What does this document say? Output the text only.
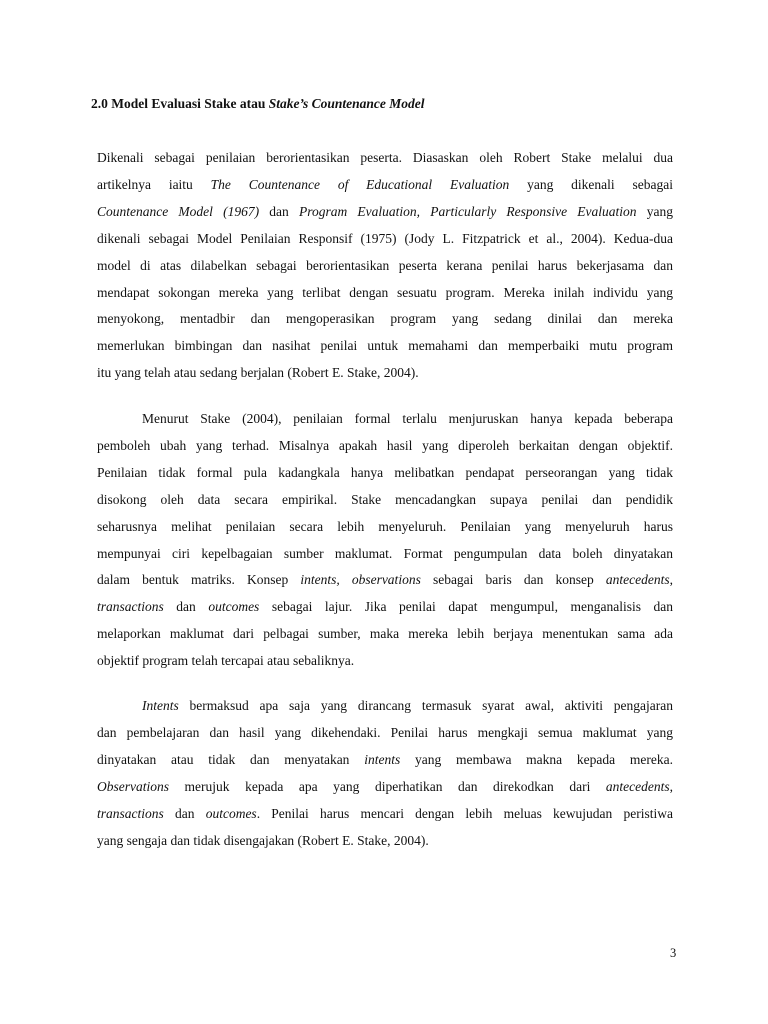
2.0 Model Evaluasi Stake atau Stake’s Countenance Model
Dikenali sebagai penilaian berorientasikan peserta. Diasaskan oleh Robert Stake melalui dua
artikelnya iaitu The Countenance of Educational Evaluation yang dikenali sebagai
Countenance Model (1967) dan Program Evaluation, Particularly Responsive Evaluation yang
dikenali sebagai Model Penilaian Responsif (1975) (Jody L. Fitzpatrick et al., 2004). Kedua-dua
model di atas dilabelkan sebagai berorientasikan peserta kerana penilai harus bekerjasama dan
mendapat sokongan mereka yang terlibat dengan sesuatu program. Mereka inilah individu yang
menyokong, mentadbir dan mengoperasikan program yang sedang dinilai dan mereka
memerlukan bimbingan dan nasihat penilai untuk memahami dan memperbaiki mutu program
itu yang telah atau sedang berjalan (Robert E. Stake, 2004).
Menurut Stake (2004), penilaian formal terlalu menjuruskan hanya kepada beberapa
pemboleh ubah yang terhad. Misalnya apakah hasil yang diperoleh berkaitan dengan objektif.
Penilaian tidak formal pula kadangkala hanya melibatkan pendapat perseorangan yang tidak
disokong oleh data secara empirikal. Stake mencadangkan supaya penilai dan pendidik
seharusnya melihat penilaian secara lebih menyeluruh. Penilaian yang menyeluruh harus
mempunyai ciri kepelbagaian sumber maklumat. Format pengumpulan data boleh dinyatakan
dalam bentuk matriks. Konsep intents, observations sebagai baris dan konsep antecedents,
transactions dan outcomes sebagai lajur. Jika penilai dapat mengumpul, menganalisis dan
melaporkan maklumat dari pelbagai sumber, maka mereka lebih berjaya menentukan sama ada
objektif program telah tercapai atau sebaliknya.
Intents bermaksud apa saja yang dirancang termasuk syarat awal, aktiviti pengajaran
dan pembelajaran dan hasil yang dikehendaki. Penilai harus mengkaji semua maklumat yang
dinyatakan atau tidak dan menyatakan intents yang membawa makna kepada mereka.
Observations merujuk kepada apa yang diperhatikan dan direkodkan dari antecedents,
transactions dan outcomes. Penilai harus mencari dengan lebih meluas kewujudan peristiwa
yang sengaja dan tidak disengajakan (Robert E. Stake, 2004).
3
